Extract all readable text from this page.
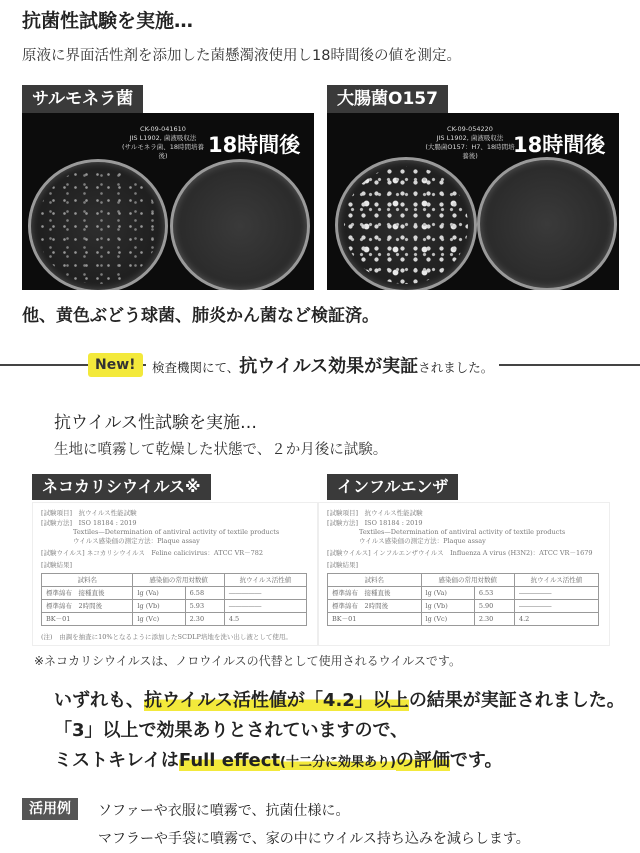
抗菌性試験を実施…
原液に界面活性剤を添加した菌懸濁液使用し18時間後の値を測定。
サルモネラ菌
CK-09-041610
JIS L1902, 菌液吸収法
(サルモネラ菌、18時間培養後)	18時間後
大腸菌O157
CK-09-054220
JIS L1902, 菌液吸収法
(大腸菌O157：H7、18時間培養後)	18時間後
他、黄色ぶどう球菌、肺炎かん菌など検証済。
New!	検査機関にて、抗ウイルス効果が実証されました。
抗ウイルス性試験を実施…
生地に噴霧して乾燥した状態で、２か月後に試験。
ネコカリシウイルス※
[試験項目]　抗ウイルス性能試験
[試験方法]　ISO 18184 : 2019
Textiles—Determination of antiviral activity of textile products
ウイルス感染価の測定方法：Plaque assay
[試験ウイルス] ネコカリシウイルス　Feline calicivirus：ATCC VR－782
[試験結果]
試料名	感染価の常用対数値		抗ウイルス活性値
標準綿布　接種直後	lg (Va)	6.58	―――――
標準綿布　2時間後	lg (Vb)	5.93	―――――
BK－01	lg (Vc)	2.30	4.5
(注)　由調を抽査に10%となるように添加したSCDLP培地を洗い出し液として使用。
インフルエンザ
[試験項目]　抗ウイルス性能試験
[試験方法]　ISO 18184 : 2019
Textiles—Determination of antiviral activity of textile products
ウイルス感染価の測定方法：Plaque assay
[試験ウイルス] インフルエンザウイルス　Influenza A virus (H3N2)：ATCC VR－1679
[試験結果]
試料名	感染価の常用対数値		抗ウイルス活性値
標準綿布　接種直後	lg (Va)	6.53	―――――
標準綿布　2時間後	lg (Vb)	5.90	―――――
BK－01	lg (Vc)	2.30	4.2
※ネコカリシウイルスは、ノロウイルスの代替として使用されるウイルスです。
いずれも、抗ウイルス活性値が「4.2」以上の結果が実証されました。
「3」以上で効果ありとされていますので、
ミストキレイはFull effect(十二分に効果あり)の評価です。
活用例	ソファーや衣服に噴霧で、抗菌仕様に。
マフラーや手袋に噴霧で、家の中にウイルス持ち込みを減らします。
